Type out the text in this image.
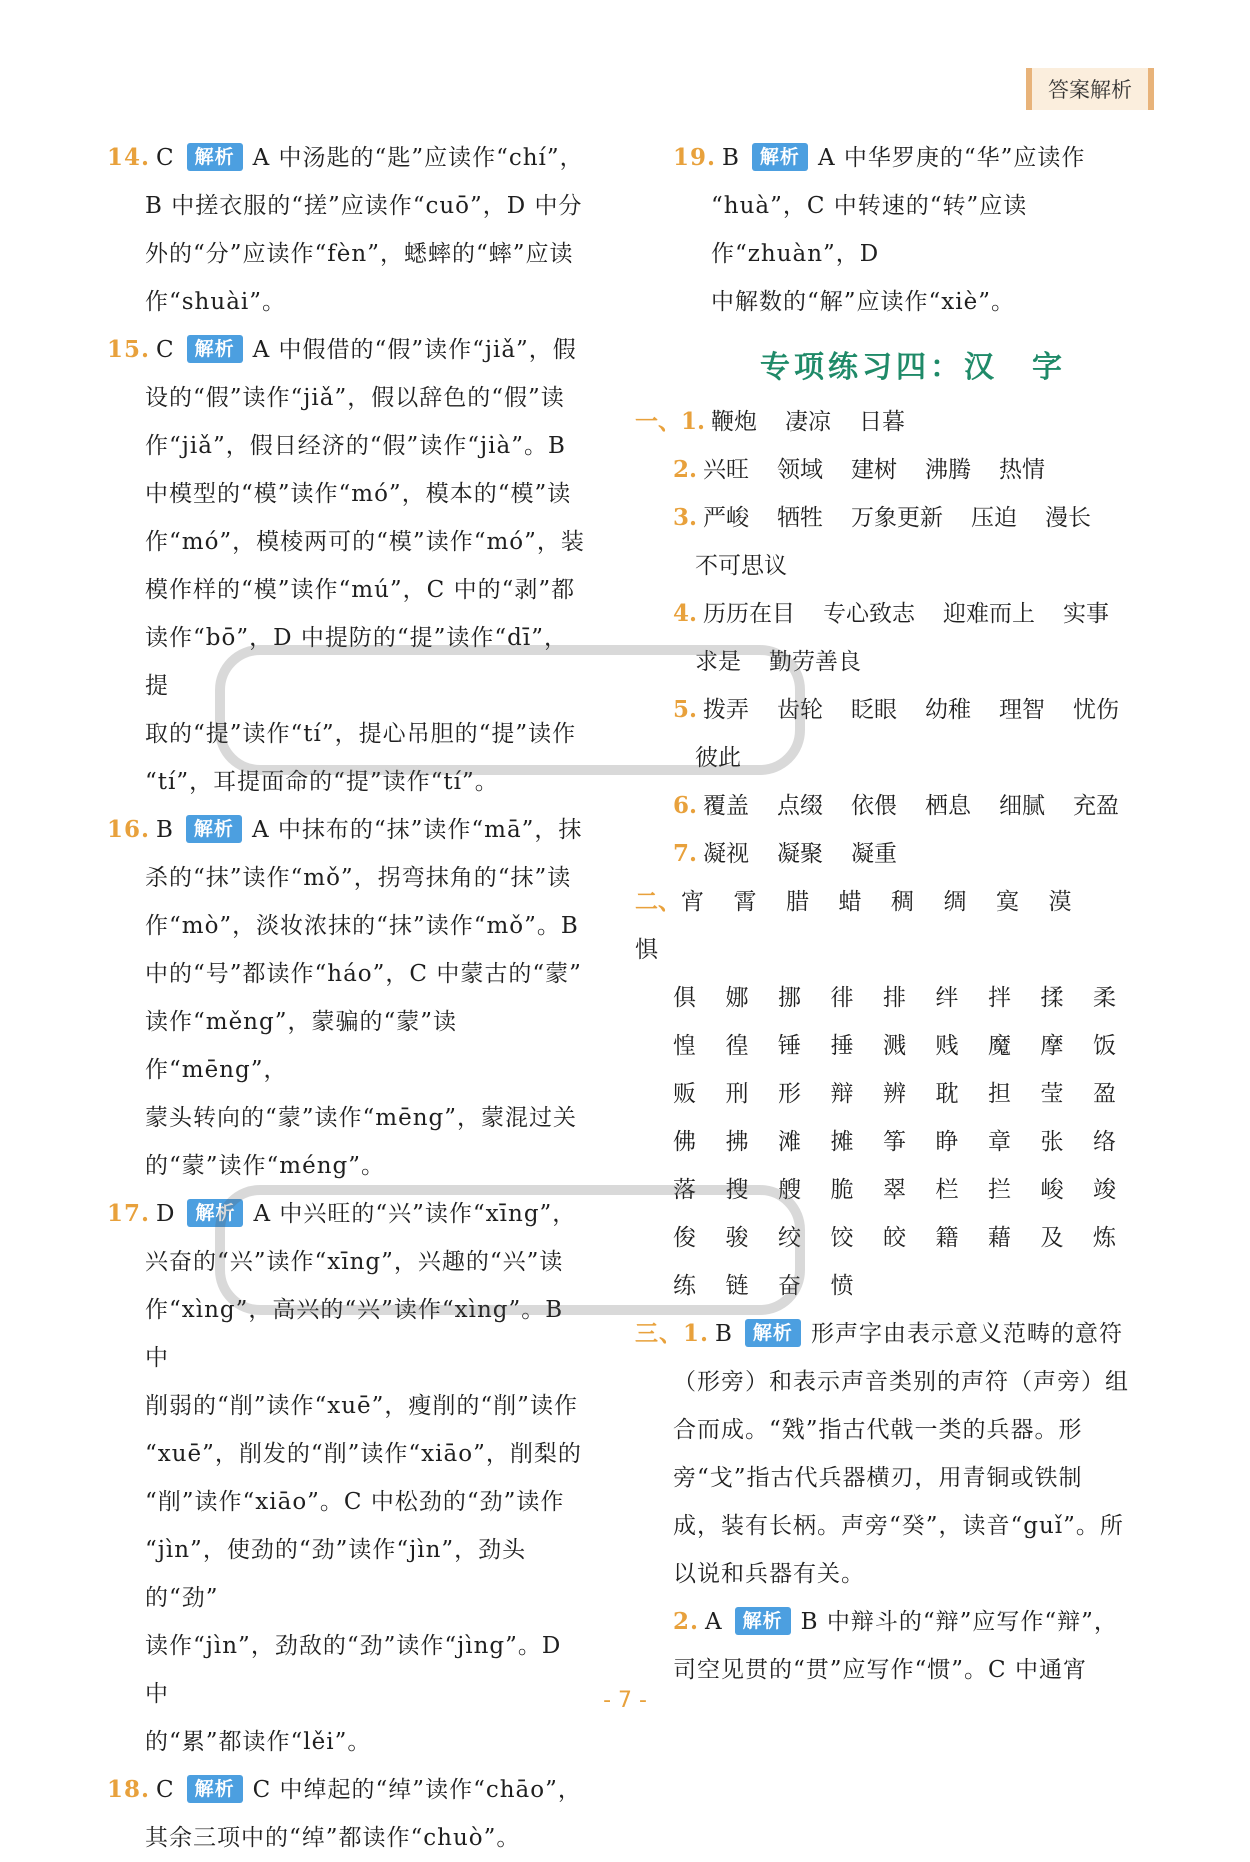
答案解析

14. C 解析 A 中汤匙的“匙”应读作“chí”，

B 中搓衣服的“搓”应读作“cuō”，D 中分

外的“分”应读作“fèn”，蟋蟀的“蟀”应读

作“shuài”。

15. C 解析 A 中假借的“假”读作“jiǎ”，假

设的“假”读作“jiǎ”，假以辞色的“假”读

作“jiǎ”，假日经济的“假”读作“jià”。B

中模型的“模”读作“mó”，模本的“模”读

作“mó”，模棱两可的“模”读作“mó”，装

模作样的“模”读作“mú”，C 中的“剥”都

读作“bō”，D 中提防的“提”读作“dī”，提

取的“提”读作“tí”，提心吊胆的“提”读作

“tí”，耳提面命的“提”读作“tí”。

16. B 解析 A 中抹布的“抹”读作“mā”，抹

杀的“抹”读作“mǒ”，拐弯抹角的“抹”读

作“mò”，淡妆浓抹的“抹”读作“mǒ”。B

中的“号”都读作“háo”，C 中蒙古的“蒙”

读作“měng”，蒙骗的“蒙”读作“mēng”，

蒙头转向的“蒙”读作“mēng”，蒙混过关

的“蒙”读作“méng”。

17. D 解析 A 中兴旺的“兴”读作“xīng”，

兴奋的“兴”读作“xīng”，兴趣的“兴”读

作“xìng”，高兴的“兴”读作“xìng”。B 中

削弱的“削”读作“xuē”，瘦削的“削”读作

“xuē”，削发的“削”读作“xiāo”，削梨的

“削”读作“xiāo”。C 中松劲的“劲”读作

“jìn”，使劲的“劲”读作“jìn”，劲头的“劲”

读作“jìn”，劲敌的“劲”读作“jìng”。D 中

的“累”都读作“lěi”。

18. C 解析 C 中绰起的“绰”读作“chāo”，

其余三项中的“绰”都读作“chuò”。

19. B 解析 A 中华罗庚的“华”应读作

“huà”，C 中转速的“转”应读作“zhuàn”，D

中解数的“解”应读作“xiè”。

专项练习四：汉　字

一、1. 鞭炮 凄凉 日暮

2. 兴旺 领域 建树 沸腾 热情

3. 严峻 牺牲 万象更新 压迫 漫长

不可思议

4. 历历在目 专心致志 迎难而上 实事

求是 勤劳善良

5. 拨弄 齿轮 眨眼 幼稚 理智 忧伤

彼此

6. 覆盖 点缀 依偎 栖息 细腻 充盈

7. 凝视 凝聚 凝重

二、宵 霄 腊 蜡 稠 绸 寞 漠惧

俱 娜 挪 徘 排 绊 拌 揉 柔

惶 徨 锤 捶 溅 贱 魔 摩 饭

贩 刑 形 辩 辨 耽 担 莹 盈

佛 拂 滩 摊 筝 睁 章 张 络

落 搜 艘 脆 翠 栏 拦 峻 竣

俊 骏 绞 饺 皎 籍 藉 及 炼

练 链 奋 愤

三、1. B 解析 形声字由表示意义范畴的意符

（形旁）和表示声音类别的声符（声旁）组

合而成。“戣”指古代戟一类的兵器。形

旁“戈”指古代兵器横刃，用青铜或铁制

成，装有长柄。声旁“癸”，读音“guǐ”。所

以说和兵器有关。

2. A 解析 B 中辩斗的“辩”应写作“辩”，

司空见贯的“贯”应写作“惯”。C 中通宵

- 7 -
